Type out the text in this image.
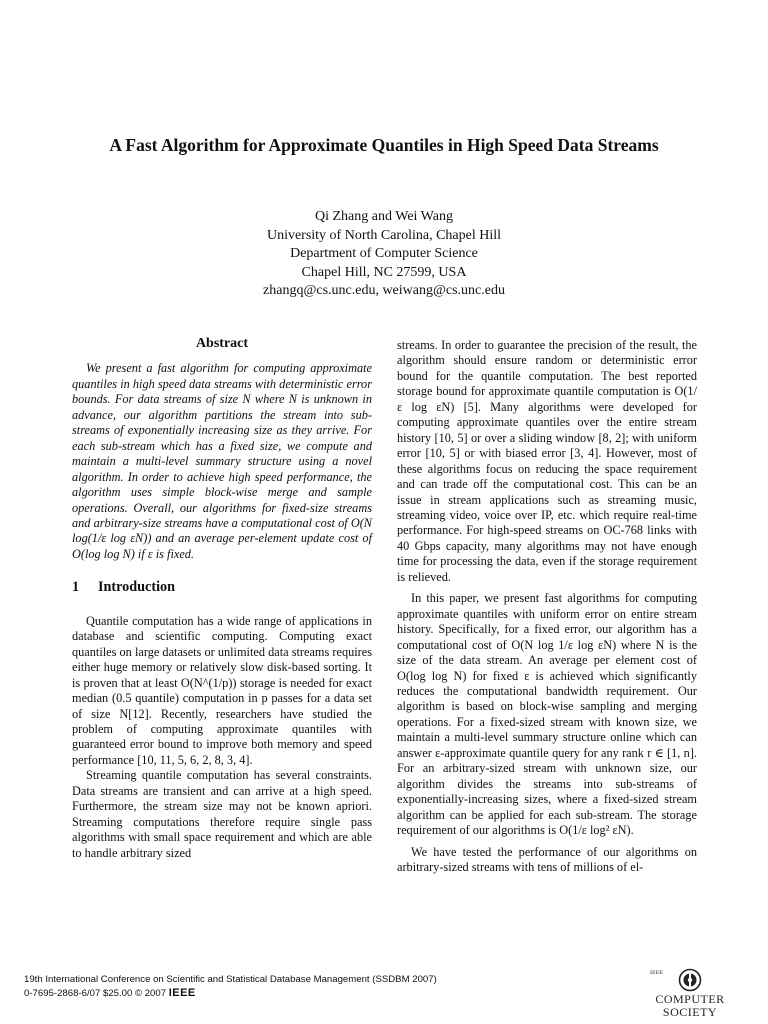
A Fast Algorithm for Approximate Quantiles in High Speed Data Streams
Qi Zhang and Wei Wang
University of North Carolina, Chapel Hill
Department of Computer Science
Chapel Hill, NC 27599, USA
zhangq@cs.unc.edu, weiwang@cs.unc.edu
Abstract

We present a fast algorithm for computing approximate quantiles in high speed data streams with deterministic error bounds. For data streams of size N where N is unknown in advance, our algorithm partitions the stream into sub-streams of exponentially increasing size as they arrive. For each sub-stream which has a fixed size, we compute and maintain a multi-level summary structure using a novel algorithm. In order to achieve high speed performance, the algorithm uses simple block-wise merge and sample operations. Overall, our algorithms for fixed-size streams and arbitrary-size streams have a computational cost of O(N log(1/ε log εN)) and an average per-element update cost of O(log log N) if ε is fixed.

1 Introduction

Quantile computation has a wide range of applications in database and scientific computing. Computing exact quantiles on large datasets or unlimited data streams requires either huge memory or relatively slow disk-based sorting. It is proven that at least O(N^(1/p)) storage is needed for exact median (0.5 quantile) computation in p passes for a data set of size N[12]. Recently, researchers have studied the problem of computing approximate quantiles with guaranteed error bound to improve both memory and speed performance [10, 11, 5, 6, 2, 8, 3, 4].

Streaming quantile computation has several constraints. Data streams are transient and can arrive at a high speed. Furthermore, the stream size may not be known apriori. Streaming computations therefore require single pass algorithms with small space requirement and which are able to handle arbitrary sized

streams. In order to guarantee the precision of the result, the algorithm should ensure random or deterministic error bound for the quantile computation. The best reported storage bound for approximate quantile computation is O(1/ε log εN) [5]. Many algorithms were developed for computing approximate quantiles over the entire stream history [10, 5] or over a sliding window [8, 2]; with uniform error [10, 5] or with biased error [3, 4]. However, most of these algorithms focus on reducing the space requirement and can trade off the computational cost. This can be an issue in stream applications such as streaming music, streaming video, voice over IP, etc. which require real-time performance. For high-speed streams on OC-768 links with 40 Gbps capacity, many algorithms may not have enough time for processing the data, even if the storage requirement is relieved.

In this paper, we present fast algorithms for computing approximate quantiles with uniform error on entire stream history. Specifically, for a fixed error, our algorithm has a computational cost of O(N log 1/ε log εN) where N is the size of the data stream. An average per element cost of O(log log N) for fixed ε is achieved which significantly reduces the computational bandwidth requirement. Our algorithm is based on block-wise sampling and merging operations. For a fixed-sized stream with known size, we maintain a multi-level summary structure online which can answer ε-approximate quantile query for any rank r ∈ [1, n]. For an arbitrary-sized stream with unknown size, our algorithm divides the streams into sub-streams of exponentially-increasing sizes, where a fixed-sized stream algorithm can be applied for each sub-stream. The storage requirement of our algorithms is O(1/ε log² εN).

We have tested the performance of our algorithms on arbitrary-sized streams with tens of millions of el-

19th International Conference on Scientific and Statistical Database Management (SSDBM 2007)
0-7695-2868-6/07 $25.00 © 2007 IEEE
IEEE
COMPUTER
SOCIETY
